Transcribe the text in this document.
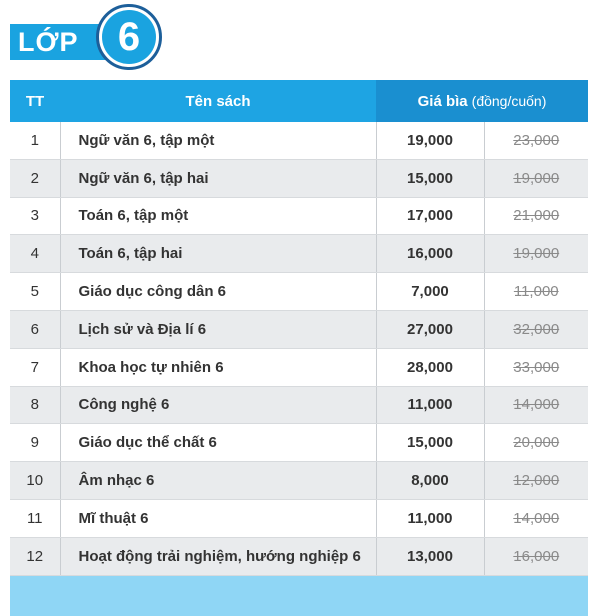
LỚP 6
TT	Tên sách	Giá bìa (đồng/cuốn)	
1	Ngữ văn 6, tập một	19,000	23,000
2	Ngữ văn 6, tập hai	15,000	19,000
3	Toán 6, tập một	17,000	21,000
4	Toán 6, tập hai	16,000	19,000
5	Giáo dục công dân 6	7,000	11,000
6	Lịch sử và Địa lí 6	27,000	32,000
7	Khoa học tự nhiên 6	28,000	33,000
8	Công nghệ 6	11,000	14,000
9	Giáo dục thể chất 6	15,000	20,000
10	Âm nhạc 6	8,000	12,000
11	Mĩ thuật 6	11,000	14,000
12	Hoạt động trải nghiệm, hướng nghiệp 6	13,000	16,000
